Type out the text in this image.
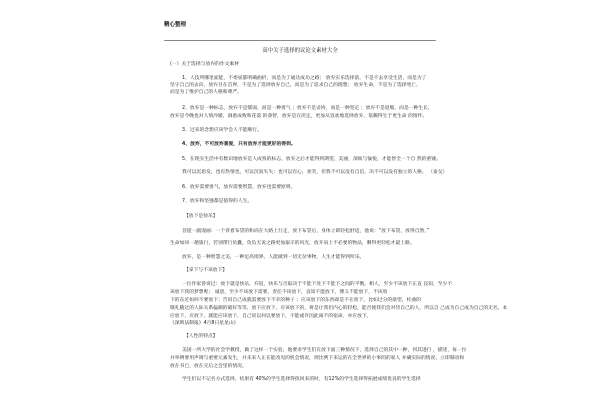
精心整理
高中关于选择的议论文素材大全
(一）关于选择与放弃的作文素材
1、人技所哪里面能，不委屈都明确曲折，而是为了通达成功之路； 放弃实乐选择前，不是不去享受生活，而是为了
坚守自己的去向，放弃目在首界，不是为了选择放弃自己，而是为了追求自己的理想； 放弃生命，不是为了选择死亡，
而是为了维护自己的人格和尊严。
2、放弃是一种标志，放弃不是懦弱，而是一种勇气 ；放弃不是妥协，而是一种坚定 ；放弃不是退缩，而是一种生长，
放弃是今晚也对人情冷暖，洞悉成败和花落 的睿智，放弃是在淡定，更加从容欢地选择放弃，依赖得生于更生命 的情怀。
3、过来的念想应该学会人不能顺行。
4、放弃，不可放弃喜爱，只有放弃才能更好的得到。
5、在现实生活中有数识地放弃是人成熟的标志，放弃之后才能得到期望，美丽，深烦与愉悦，才能替全一个自 然的重锤。
我可以沉思发，也有热情也，可以沉寂失失；也可以有心，欢笑，但我不可以没有自信，决不可以没有独立的人格。 （泰戈）
6、放弃需要勇气，放弃需要智慧，放弃也需要原则。
7、放弃和坚强都是值得的人生。
【放下是快乐】
菩提一副漫画：一个背着布袋的和尚在大路上行走，放下布袋后，身体立即轻松舒适，他说：“放下布袋，放得自然，”
生命如同一趟旅行，若别带行负囊，负负无说之路更加艰辛的风光，放开肩上不必要的物品，剩得更轻松才最上路。
放弃，是一种智慧之美，一种足高境界。人能做到一切无杂事物，人生才能得到所乐。
【拿下与不该放下】
一位作家曾说过：放下就是快乐，弃返，快乐与否取决于不能下处下不能下之间的平衡。相人，至少不该放下正直 良知，至少不
该放下我的梦想呢； 诚意，至少不该放下需要。责任不该放下，良知不能放下，傅义不能放下，不该放
下的东近如何不要放下；告诉自己成就需要放下不幸的种子 ；应该放下的东西却是不在放下，比如过分的欲望，枉曲的
敬礼随过的人际关系偏颇的破好等等，放下应放下，应该放下的，将是让我们内心的轻松，能否使我们会对待自己的人，所以自 己成为自己成为自己的无名，本
应放下，应放下，就能应该放下，自己说以何以要放下，不能或许因此离不的宿命，亦应放下。
《深圳法制报》4月8日星星山》
【人性的特点】
美国一所大学的社会学教授，做了这样一个实验，他要求学生们在放下面三种情况下，选择自己的其中一种，何其进行 ，描述，每一位
并举例要用声调与重要元素发生，并未来人正在能改见的机会情况，则比例下来运的在全世界的小事的的家人 并确实际的情况，立即制动和
放在书已，放在完后之会里的情况。
学生们以不记名方式选择，结果有 40%的学生选择得找回来的时，有12%的学生选择得拓展成绩优良的学生选择
